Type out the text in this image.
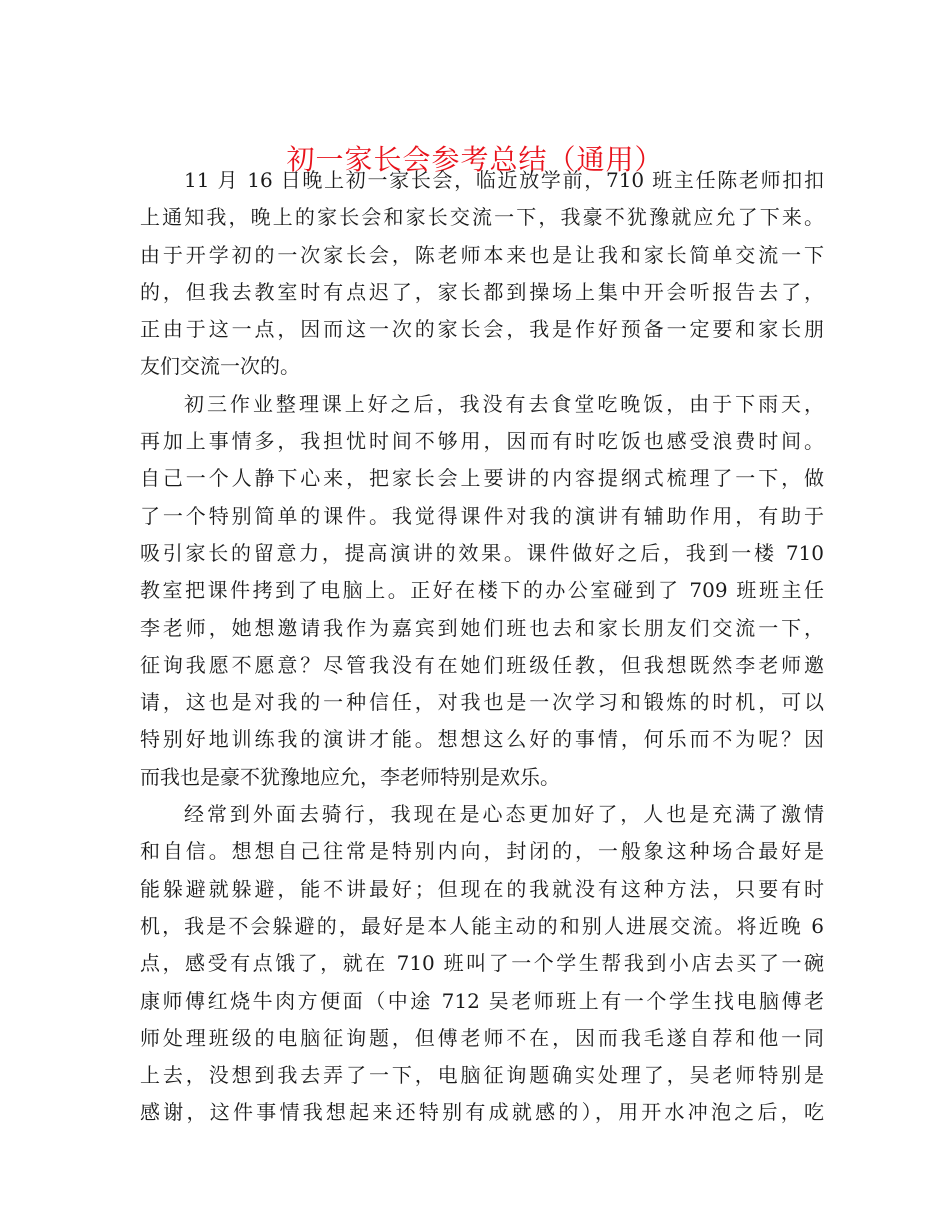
初一家长会参考总结（通用）
11 月 16 日晚上初一家长会，临近放学前，710 班主任陈老师扣扣
上通知我，晚上的家长会和家长交流一下，我豪不犹豫就应允了下来。
由于开学初的一次家长会，陈老师本来也是让我和家长简单交流一下
的，但我去教室时有点迟了，家长都到操场上集中开会听报告去了，
正由于这一点，因而这一次的家长会，我是作好预备一定要和家长朋
友们交流一次的。
初三作业整理课上好之后，我没有去食堂吃晚饭，由于下雨天，
再加上事情多，我担忧时间不够用，因而有时吃饭也感受浪费时间。
自己一个人静下心来，把家长会上要讲的内容提纲式梳理了一下，做
了一个特别简单的课件。我觉得课件对我的演讲有辅助作用，有助于
吸引家长的留意力，提高演讲的效果。课件做好之后，我到一楼 710
教室把课件拷到了电脑上。正好在楼下的办公室碰到了 709 班班主任
李老师，她想邀请我作为嘉宾到她们班也去和家长朋友们交流一下，
征询我愿不愿意？尽管我没有在她们班级任教，但我想既然李老师邀
请，这也是对我的一种信任，对我也是一次学习和锻炼的时机，可以
特别好地训练我的演讲才能。想想这么好的事情，何乐而不为呢？因
而我也是豪不犹豫地应允，李老师特别是欢乐。
经常到外面去骑行，我现在是心态更加好了，人也是充满了激情
和自信。想想自己往常是特别内向，封闭的，一般象这种场合最好是
能躲避就躲避，能不讲最好；但现在的我就没有这种方法，只要有时
机，我是不会躲避的，最好是本人能主动的和别人进展交流。将近晚 6
点，感受有点饿了，就在 710 班叫了一个学生帮我到小店去买了一碗
康师傅红烧牛肉方便面（中途 712 吴老师班上有一个学生找电脑傅老
师处理班级的电脑征询题，但傅老师不在，因而我毛遂自荐和他一同
上去，没想到我去弄了一下，电脑征询题确实处理了，吴老师特别是
感谢，这件事情我想起来还特别有成就感的），用开水冲泡之后，吃
